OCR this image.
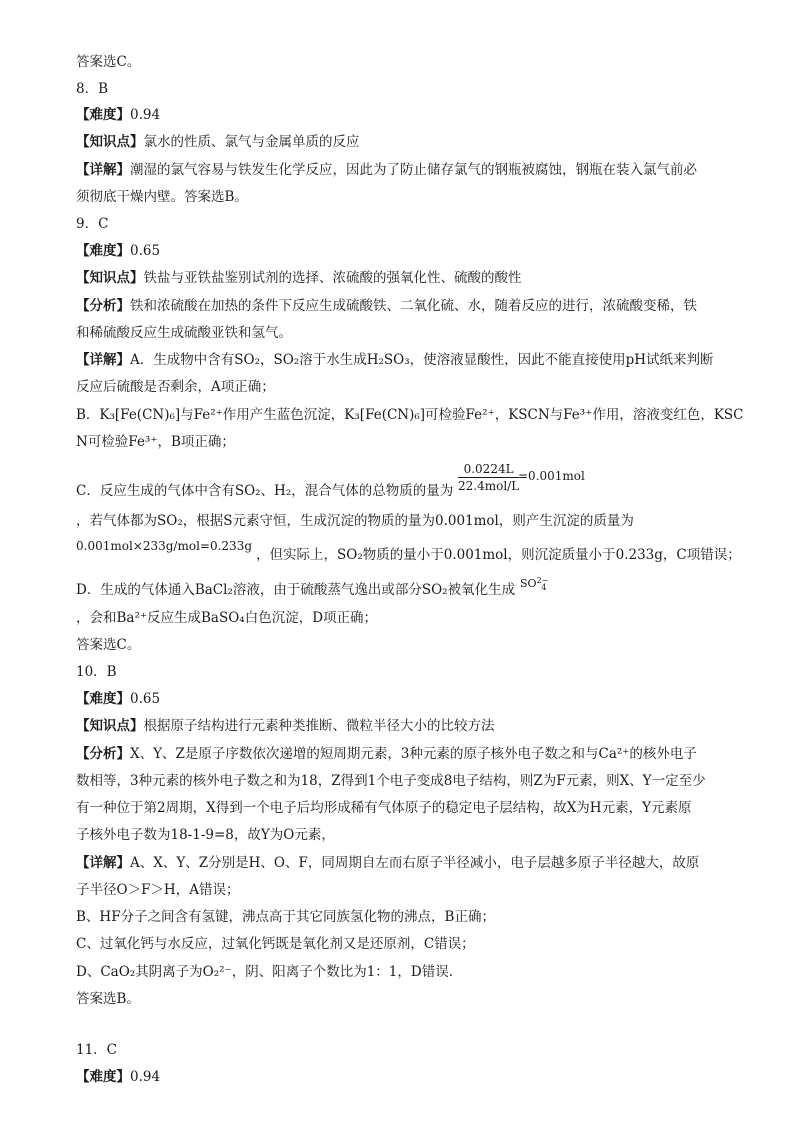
答案选C。
8．B
【难度】0.94
【知识点】氯水的性质、氯气与金属单质的反应
【详解】潮湿的氯气容易与铁发生化学反应，因此为了防止储存氯气的钢瓶被腐蚀，钢瓶在装入氯气前必
须彻底干燥内壁。答案选B。
9．C
【难度】0.65
【知识点】铁盐与亚铁盐鉴别试剂的选择、浓硫酸的强氧化性、硫酸的酸性
【分析】铁和浓硫酸在加热的条件下反应生成硫酸铁、二氧化硫、水，随着反应的进行，浓硫酸变稀，铁
和稀硫酸反应生成硫酸亚铁和氢气。
【详解】A．生成物中含有SO₂，SO₂溶于水生成H₂SO₃，使溶液显酸性，因此不能直接使用pH试纸来判断
反应后硫酸是否剩余，A项正确；
B．K₃[Fe(CN)₆]与Fe²⁺作用产生蓝色沉淀，K₃[Fe(CN)₆]可检验Fe²⁺，KSCN与Fe³⁺作用，溶液变红色，KSC
N可检验Fe³⁺，B项正确；
C．反应生成的气体中含有SO₂、H₂，混合气体的总物质的量为
0.0224L
22.4mol/L
=0.001mol
，若气体都为SO₂，根据S元素守恒，生成沉淀的物质的量为0.001mol，则产生沉淀的质量为
0.001mol×233g/mol=0.233g
，但实际上，SO₂物质的量小于0.001mol，则沉淀质量小于0.233g，C项错误；
D．生成的气体通入BaCl₂溶液，由于硫酸蒸气逸出或部分SO₂被氧化生成 $SO^{2-}_4$
，会和Ba²⁺反应生成BaSO₄白色沉淀，D项正确；
答案选C。
10．B
【难度】0.65
【知识点】根据原子结构进行元素种类推断、微粒半径大小的比较方法
【分析】X、Y、Z是原子序数依次递增的短周期元素，3种元素的原子核外电子数之和与Ca²⁺的核外电子
数相等，3种元素的核外电子数之和为18，Z得到1个电子变成8电子结构，则Z为F元素，则X、Y一定至少
有一种位于第2周期，X得到一个电子后均形成稀有气体原子的稳定电子层结构，故X为H元素，Y元素原
子核外电子数为18-1-9=8，故Y为O元素，
【详解】A、X、Y、Z分别是H、O、F，同周期自左而右原子半径减小，电子层越多原子半径越大，故原
子半径O＞F＞H，A错误；
B、HF分子之间含有氢键，沸点高于其它同族氢化物的沸点，B正确；
C、过氧化钙与水反应，过氧化钙既是氧化剂又是还原剂，C错误；
D、CaO₂其阴离子为O₂²⁻，阴、阳离子个数比为1：1，D错误．
答案选B。
11．C
【难度】0.94
